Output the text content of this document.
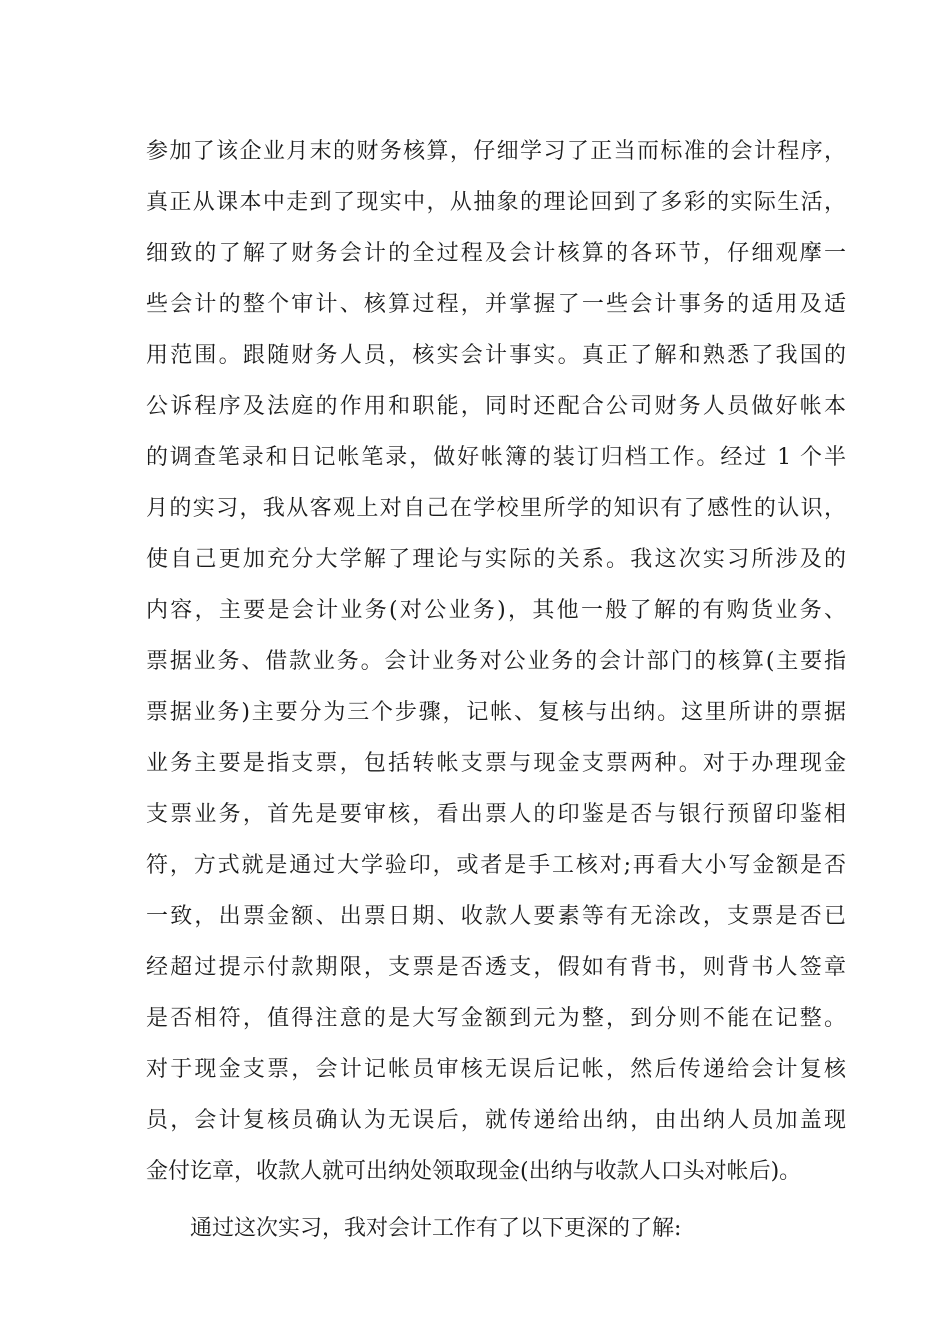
参加了该企业月末的财务核算，仔细学习了正当而标准的会计程序，
真正从课本中走到了现实中，从抽象的理论回到了多彩的实际生活，
细致的了解了财务会计的全过程及会计核算的各环节，仔细观摩一
些会计的整个审计、核算过程，并掌握了一些会计事务的适用及适
用范围。跟随财务人员，核实会计事实。真正了解和熟悉了我国的
公诉程序及法庭的作用和职能，同时还配合公司财务人员做好帐本
的调查笔录和日记帐笔录，做好帐簿的装订归档工作。经过 1 个半
月的实习，我从客观上对自己在学校里所学的知识有了感性的认识，
使自己更加充分大学解了理论与实际的关系。我这次实习所涉及的
内容，主要是会计业务(对公业务)，其他一般了解的有购货业务、
票据业务、借款业务。会计业务对公业务的会计部门的核算(主要指
票据业务)主要分为三个步骤，记帐、复核与出纳。这里所讲的票据
业务主要是指支票，包括转帐支票与现金支票两种。对于办理现金
支票业务，首先是要审核，看出票人的印鉴是否与银行预留印鉴相
符，方式就是通过大学验印，或者是手工核对;再看大小写金额是否
一致，出票金额、出票日期、收款人要素等有无涂改，支票是否已
经超过提示付款期限，支票是否透支，假如有背书，则背书人签章
是否相符，值得注意的是大写金额到元为整，到分则不能在记整。
对于现金支票，会计记帐员审核无误后记帐，然后传递给会计复核
员，会计复核员确认为无误后，就传递给出纳，由出纳人员加盖现
金付讫章，收款人就可出纳处领取现金(出纳与收款人口头对帐后)。
通过这次实习，我对会计工作有了以下更深的了解:
